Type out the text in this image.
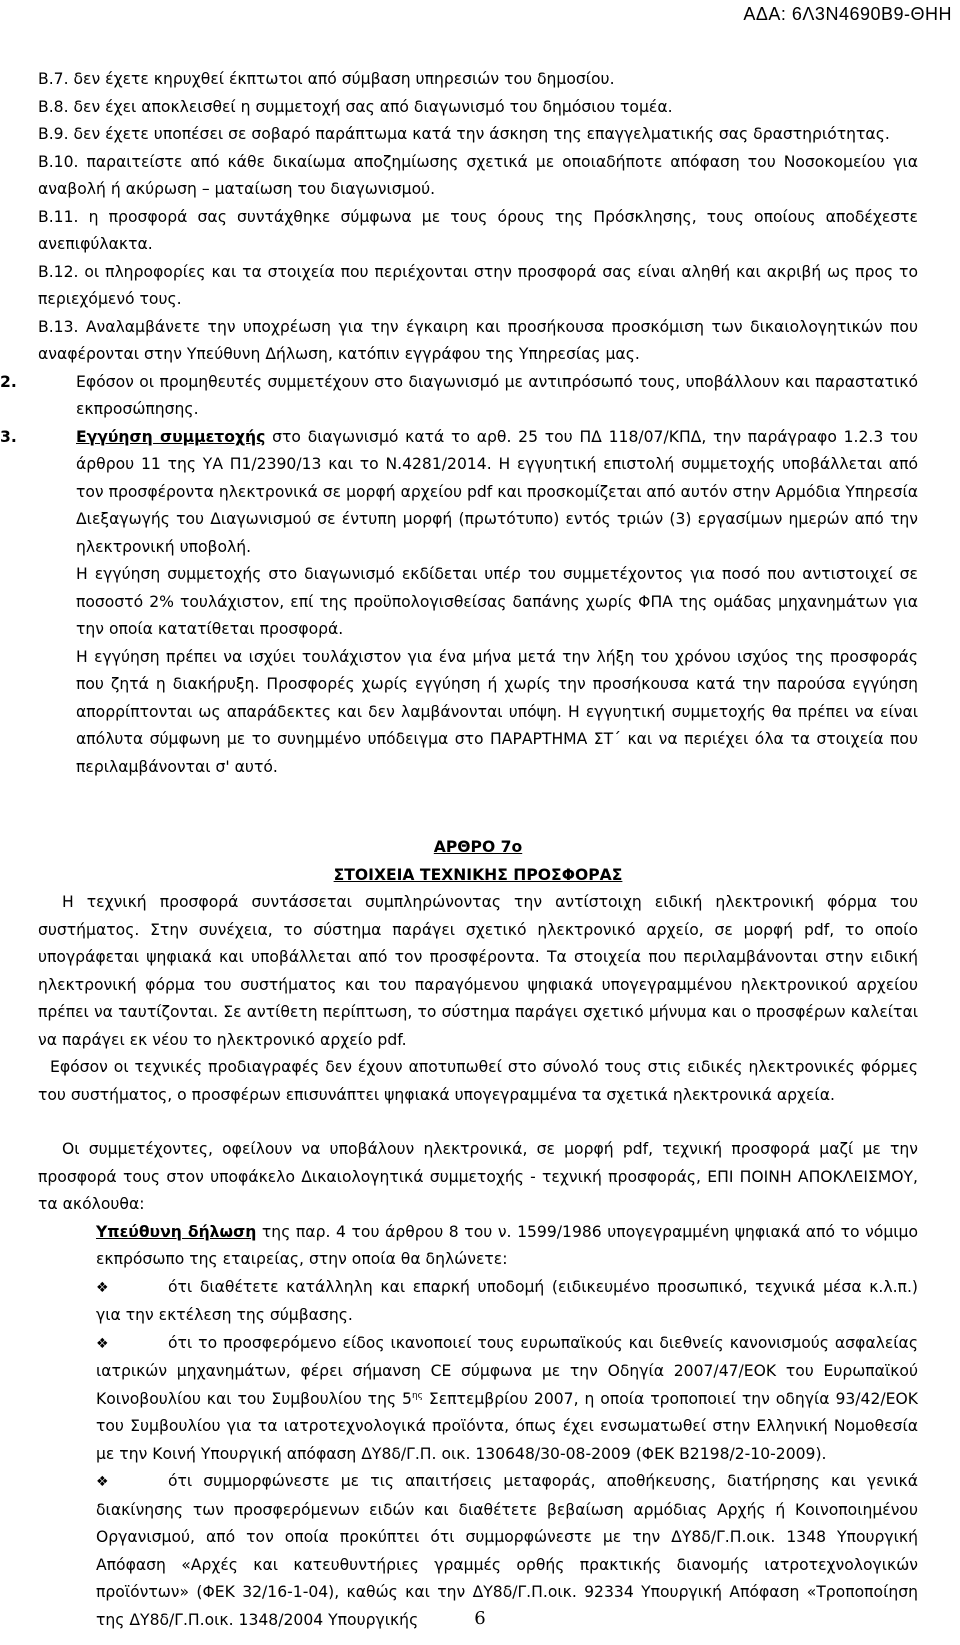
ΑΔΑ: 6Λ3Ν4690Β9-ΘΗΗ

Β.7. δεν έχετε κηρυχθεί έκπτωτοι από σύμβαση υπηρεσιών του δημοσίου.

Β.8. δεν έχει αποκλεισθεί η συμμετοχή σας από διαγωνισμό του δημόσιου τομέα.

Β.9. δεν έχετε υποπέσει σε σοβαρό παράπτωμα κατά την άσκηση της επαγγελματικής σας δραστηριότητας.

Β.10. παραιτείστε από κάθε δικαίωμα αποζημίωσης σχετικά με οποιαδήποτε απόφαση του Νοσοκομείου για αναβολή ή ακύρωση – ματαίωση του διαγωνισμού.

Β.11. η προσφορά σας συντάχθηκε σύμφωνα με τους όρους της Πρόσκλησης, τους οποίους αποδέχεστε ανεπιφύλακτα.

Β.12. οι πληροφορίες και τα στοιχεία που περιέχονται στην προσφορά σας είναι αληθή και ακριβή ως προς το περιεχόμενό τους.

Β.13. Αναλαμβάνετε την υποχρέωση για την έγκαιρη και προσήκουσα προσκόμιση των δικαιολογητικών που αναφέρονται στην Υπεύθυνη Δήλωση, κατόπιν εγγράφου της Υπηρεσίας μας.

2.	Εφόσον οι προμηθευτές συμμετέχουν στο διαγωνισμό με αντιπρόσωπό τους, υποβάλλουν και παραστατικό εκπροσώπησης.

3.	Εγγύηση συμμετοχής στο διαγωνισμό κατά το αρθ. 25 του ΠΔ 118/07/ΚΠΔ, την παράγραφο 1.2.3 του άρθρου 11 της ΥΑ Π1/2390/13 και το Ν.4281/2014. Η εγγυητική επιστολή συμμετοχής υποβάλλεται από τον προσφέροντα ηλεκτρονικά σε μορφή αρχείου pdf και προσκομίζεται από αυτόν στην Αρμόδια Υπηρεσία Διεξαγωγής του Διαγωνισμού σε έντυπη μορφή (πρωτότυπο) εντός τριών (3) εργασίμων ημερών από την ηλεκτρονική υποβολή.

Η εγγύηση συμμετοχής στο διαγωνισμό εκδίδεται υπέρ του συμμετέχοντος για ποσό που αντιστοιχεί σε ποσοστό 2% τουλάχιστον, επί της προϋπολογισθείσας δαπάνης χωρίς ΦΠΑ της ομάδας μηχανημάτων για την οποία κατατίθεται προσφορά.

Η εγγύηση πρέπει να ισχύει τουλάχιστον για ένα μήνα μετά την λήξη του χρόνου ισχύος της προσφοράς που ζητά η διακήρυξη. Προσφορές χωρίς εγγύηση ή χωρίς την προσήκουσα κατά την παρούσα εγγύηση απορρίπτονται ως απαράδεκτες και δεν λαμβάνονται υπόψη. Η εγγυητική συμμετοχής θα πρέπει να είναι απόλυτα σύμφωνη με το συνημμένο υπόδειγμα στο ΠΑΡΑΡΤΗΜΑ ΣΤ΄ και να περιέχει όλα τα στοιχεία που περιλαμβάνονται σ' αυτό.

ΑΡΘΡΟ 7ο

ΣΤΟΙΧΕΙΑ ΤΕΧΝΙΚΗΣ ΠΡΟΣΦΟΡΑΣ

Η τεχνική προσφορά συντάσσεται συμπληρώνοντας την αντίστοιχη ειδική ηλεκτρονική φόρμα του συστήματος. Στην συνέχεια, το σύστημα παράγει σχετικό ηλεκτρονικό αρχείο, σε μορφή pdf, το οποίο υπογράφεται ψηφιακά και υποβάλλεται από τον προσφέροντα. Τα στοιχεία που περιλαμβάνονται στην ειδική ηλεκτρονική φόρμα του συστήματος και του παραγόμενου ψηφιακά υπογεγραμμένου ηλεκτρονικού αρχείου πρέπει να ταυτίζονται. Σε αντίθετη περίπτωση, το σύστημα παράγει σχετικό μήνυμα και ο προσφέρων καλείται να παράγει εκ νέου το ηλεκτρονικό αρχείο pdf.

Εφόσον οι τεχνικές προδιαγραφές δεν έχουν αποτυπωθεί στο σύνολό τους στις ειδικές ηλεκτρονικές φόρμες του συστήματος, ο προσφέρων επισυνάπτει ψηφιακά υπογεγραμμένα τα σχετικά ηλεκτρονικά αρχεία.

Οι συμμετέχοντες, οφείλουν να υποβάλουν ηλεκτρονικά, σε μορφή pdf, τεχνική προσφορά μαζί με την προσφορά τους στον υποφάκελο Δικαιολογητικά συμμετοχής - τεχνική προσφοράς, ΕΠΙ ΠΟΙΝΗ ΑΠΟΚΛΕΙΣΜΟΥ, τα ακόλουθα:

Υπεύθυνη δήλωση της παρ. 4 του άρθρου 8 του ν. 1599/1986 υπογεγραμμένη ψηφιακά από το νόμιμο εκπρόσωπο της εταιρείας, στην οποία θα δηλώνετε:

❖	ότι διαθέτετε κατάλληλη και επαρκή υποδομή (ειδικευμένο προσωπικό, τεχνικά μέσα κ.λ.π.) για την εκτέλεση της σύμβασης.

❖	ότι το προσφερόμενο είδος ικανοποιεί τους ευρωπαϊκούς και διεθνείς κανονισμούς ασφαλείας ιατρικών μηχανημάτων, φέρει σήμανση CE σύμφωνα με την Οδηγία 2007/47/ΕΟΚ του Ευρωπαϊκού Κοινοβουλίου και του Συμβουλίου της $5^{\eta\varsigma}$ Σεπτεμβρίου 2007, η οποία τροποποιεί την οδηγία 93/42/ΕΟΚ του Συμβουλίου για τα ιατροτεχνολογικά προϊόντα, όπως έχει ενσωματωθεί στην Ελληνική Νομοθεσία με την Κοινή Υπουργική απόφαση ΔΥ8δ/Γ.Π. οικ. 130648/30-08-2009 (ΦΕΚ Β2198/2-10-2009).

❖	ότι συμμορφώνεστε με τις απαιτήσεις μεταφοράς, αποθήκευσης, διατήρησης και γενικά διακίνησης των προσφερόμενων ειδών και διαθέτετε βεβαίωση αρμόδιας Αρχής ή Κοινοποιημένου Οργανισμού, από τον οποία προκύπτει ότι συμμορφώνεστε με την ΔΥ8δ/Γ.Π.οικ. 1348 Υπουργική Απόφαση «Αρχές και κατευθυντήριες γραμμές ορθής πρακτικής διανομής ιατροτεχνολογικών προϊόντων» (ΦΕΚ 32/16-1-04), καθώς και την ΔΥ8δ/Γ.Π.οικ. 92334 Υπουργική Απόφαση «Τροποποίηση της ΔΥ8δ/Γ.Π.οικ. 1348/2004 Υπουργικής	6
